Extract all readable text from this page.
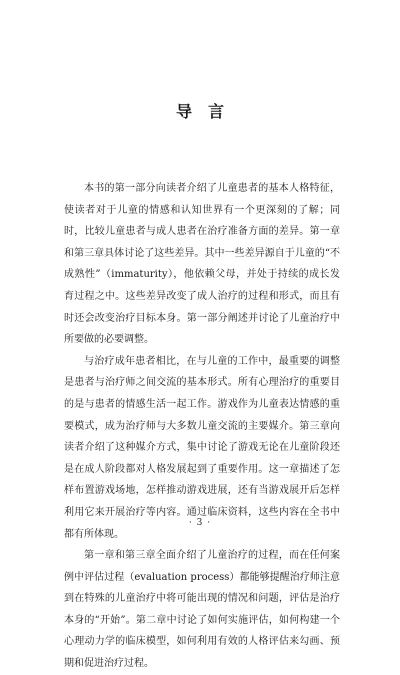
导言

本书的第一部分向读者介绍了儿童患者的基本人格特征，使读者对于儿童的情感和认知世界有一个更深刻的了解；同时，比较儿童患者与成人患者在治疗准备方面的差异。第一章和第三章具体讨论了这些差异。其中一些差异源自于儿童的“不成熟性”（immaturity），他依赖父母，并处于持续的成长发育过程之中。这些差异改变了成人治疗的过程和形式，而且有时还会改变治疗目标本身。第一部分阐述并讨论了儿童治疗中所要做的必要调整。

与治疗成年患者相比，在与儿童的工作中，最重要的调整是患者与治疗师之间交流的基本形式。所有心理治疗的重要目的是与患者的情感生活一起工作。游戏作为儿童表达情感的重要模式，成为治疗师与大多数儿童交流的主要媒介。第三章向读者介绍了这种媒介方式，集中讨论了游戏无论在儿童阶段还是在成人阶段都对人格发展起到了重要作用。这一章描述了怎样布置游戏场地，怎样推动游戏进展，还有当游戏展开后怎样利用它来开展治疗等内容。通过临床资料，这些内容在全书中都有所体现。

第一章和第三章全面介绍了儿童治疗的过程，而在任何案例中评估过程（evaluation process）都能够提醒治疗师注意到在特殊的儿童治疗中将可能出现的情况和问题，评估是治疗本身的“开始”。第二章中讨论了如何实施评估，如何构建一个心理动力学的临床模型，如何利用有效的人格评估来勾画、预期和促进治疗过程。

· 3 ·
